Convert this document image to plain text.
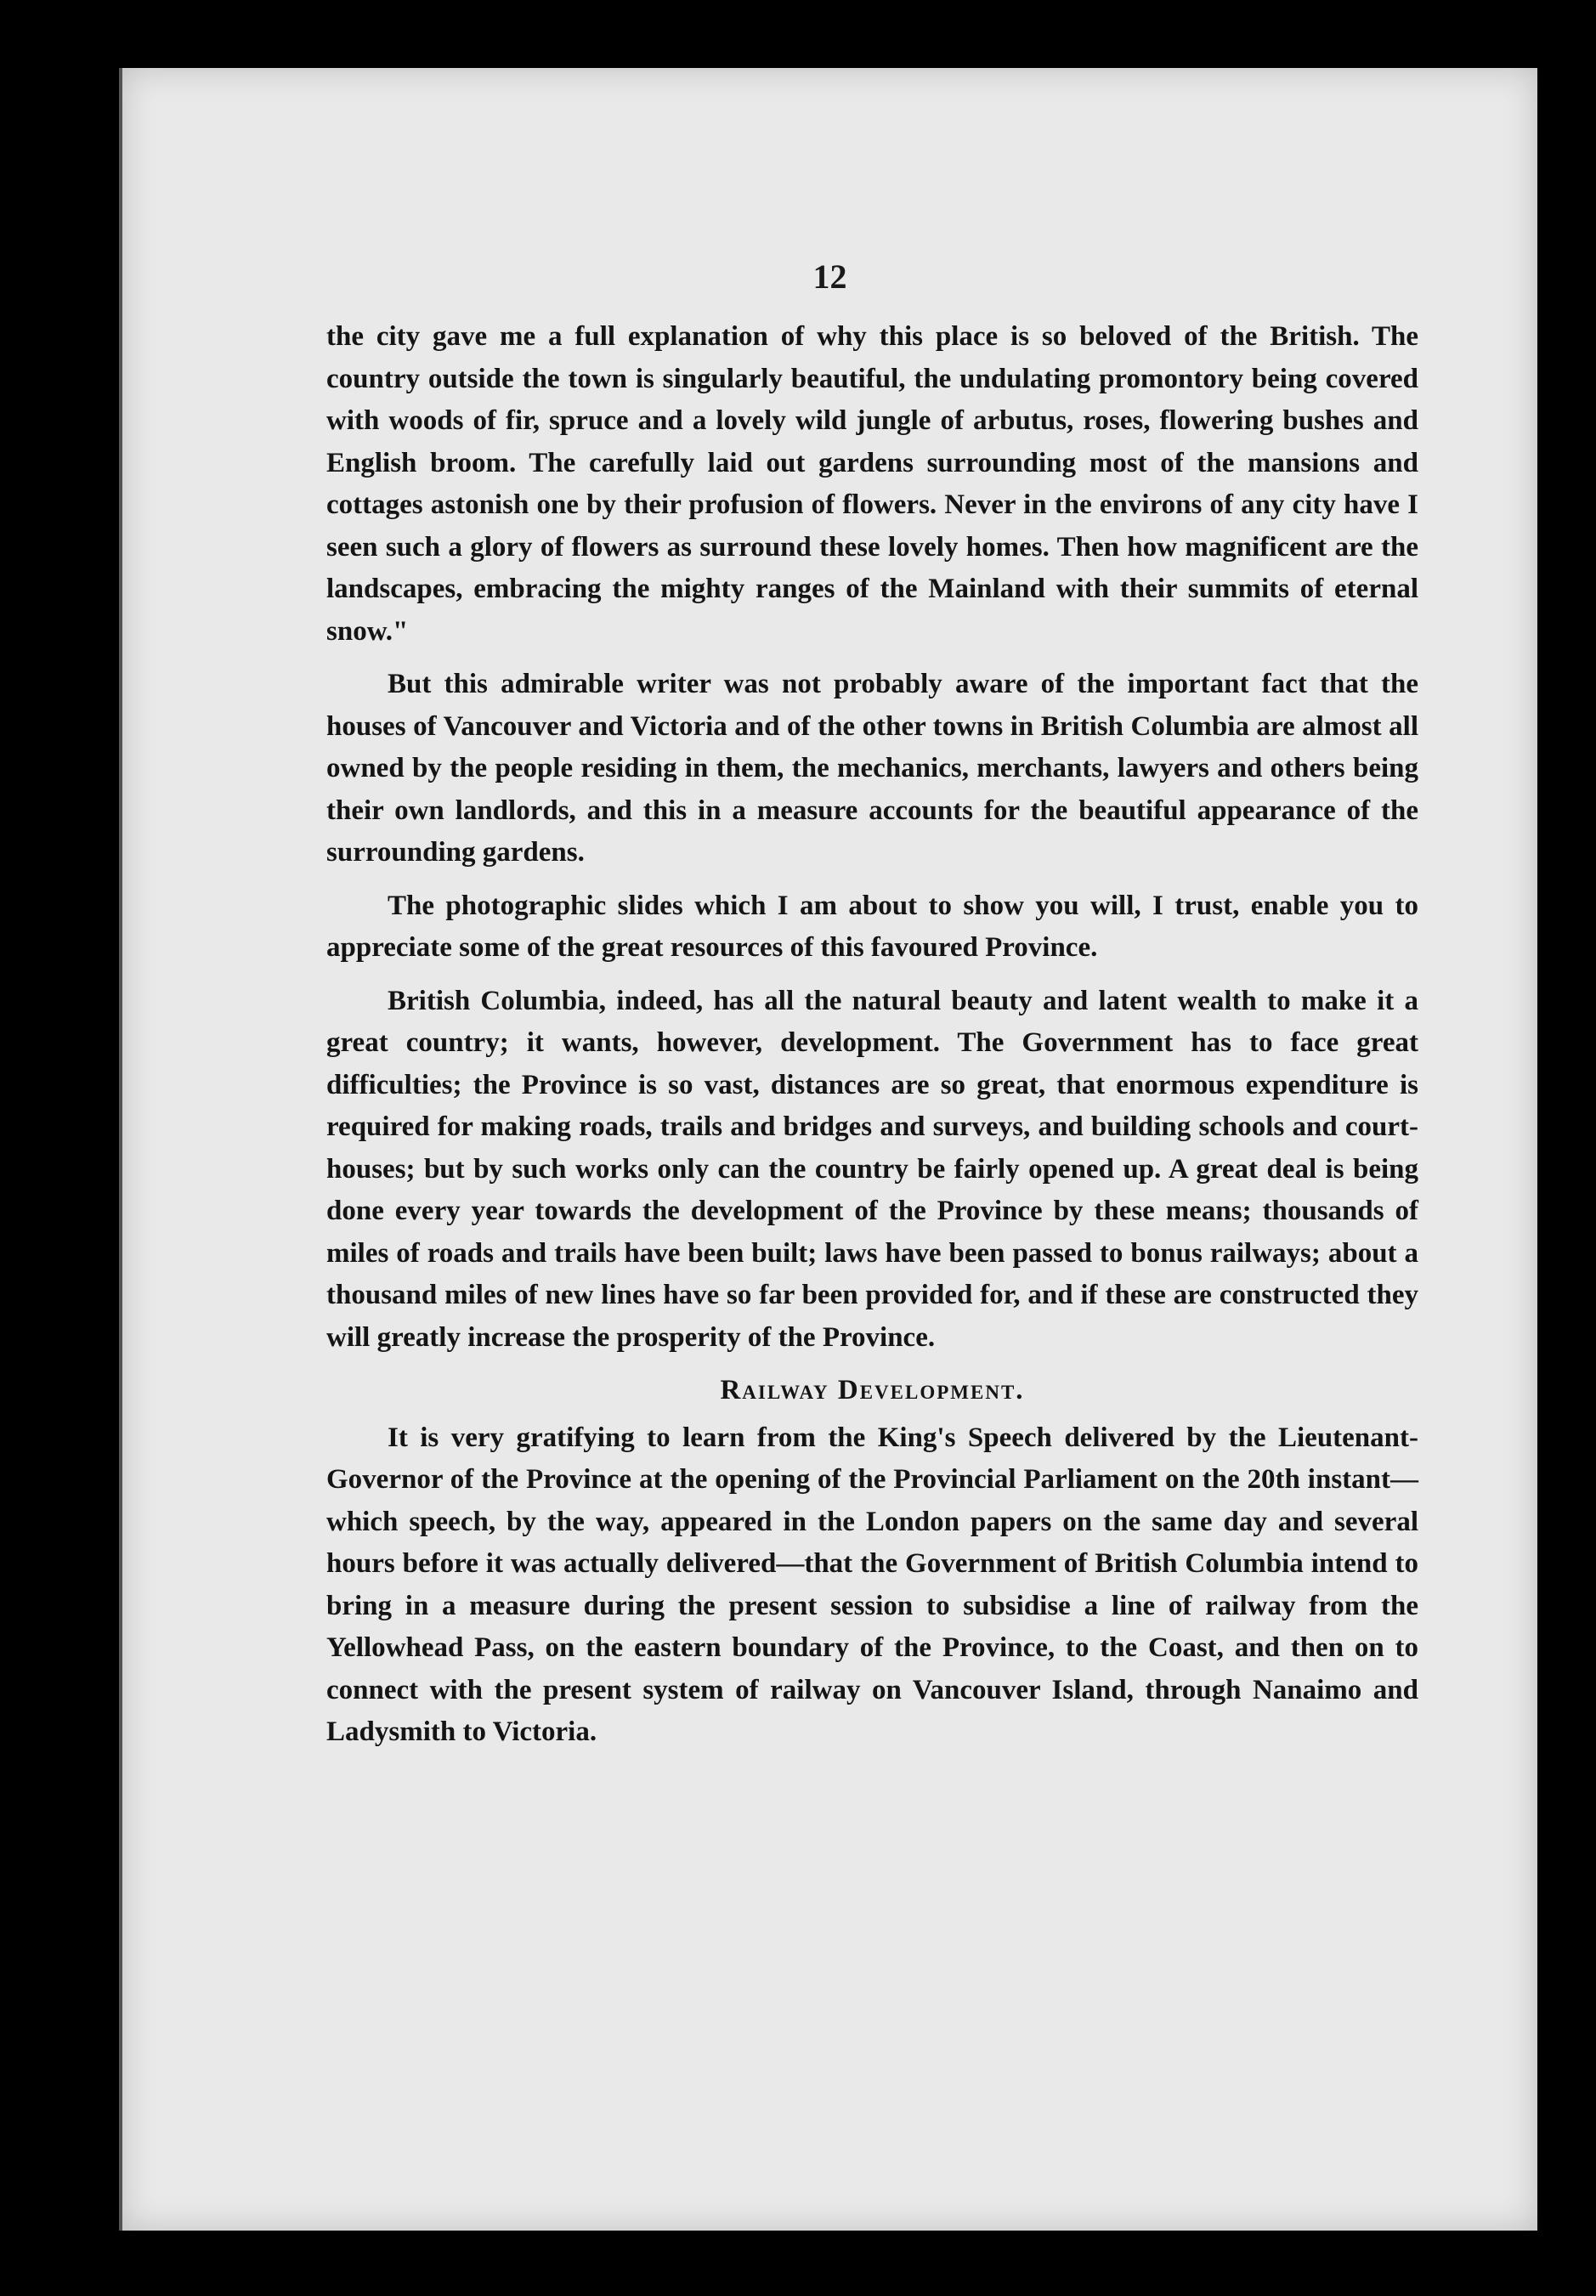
12

the city gave me a full explanation of why this place is so beloved of the British. The country outside the town is singularly beautiful, the undulating promontory being covered with woods of fir, spruce and a lovely wild jungle of arbutus, roses, flowering bushes and English broom. The carefully laid out gardens surrounding most of the mansions and cottages astonish one by their profusion of flowers. Never in the environs of any city have I seen such a glory of flowers as surround these lovely homes. Then how magnificent are the landscapes, embracing the mighty ranges of the Mainland with their summits of eternal snow."

But this admirable writer was not probably aware of the important fact that the houses of Vancouver and Victoria and of the other towns in British Columbia are almost all owned by the people residing in them, the mechanics, merchants, lawyers and others being their own landlords, and this in a measure accounts for the beautiful appearance of the surrounding gardens.

The photographic slides which I am about to show you will, I trust, enable you to appreciate some of the great resources of this favoured Province.

British Columbia, indeed, has all the natural beauty and latent wealth to make it a great country; it wants, however, development. The Government has to face great difficulties; the Province is so vast, distances are so great, that enormous expenditure is required for making roads, trails and bridges and surveys, and building schools and court-houses; but by such works only can the country be fairly opened up. A great deal is being done every year towards the development of the Province by these means; thousands of miles of roads and trails have been built; laws have been passed to bonus railways; about a thousand miles of new lines have so far been provided for, and if these are constructed they will greatly increase the prosperity of the Province.

Railway Development.

It is very gratifying to learn from the King's Speech delivered by the Lieutenant-Governor of the Province at the opening of the Provincial Parliament on the 20th instant—which speech, by the way, appeared in the London papers on the same day and several hours before it was actually delivered—that the Government of British Columbia intend to bring in a measure during the present session to subsidise a line of railway from the Yellowhead Pass, on the eastern boundary of the Province, to the Coast, and then on to connect with the present system of railway on Vancouver Island, through Nanaimo and Ladysmith to Victoria.
